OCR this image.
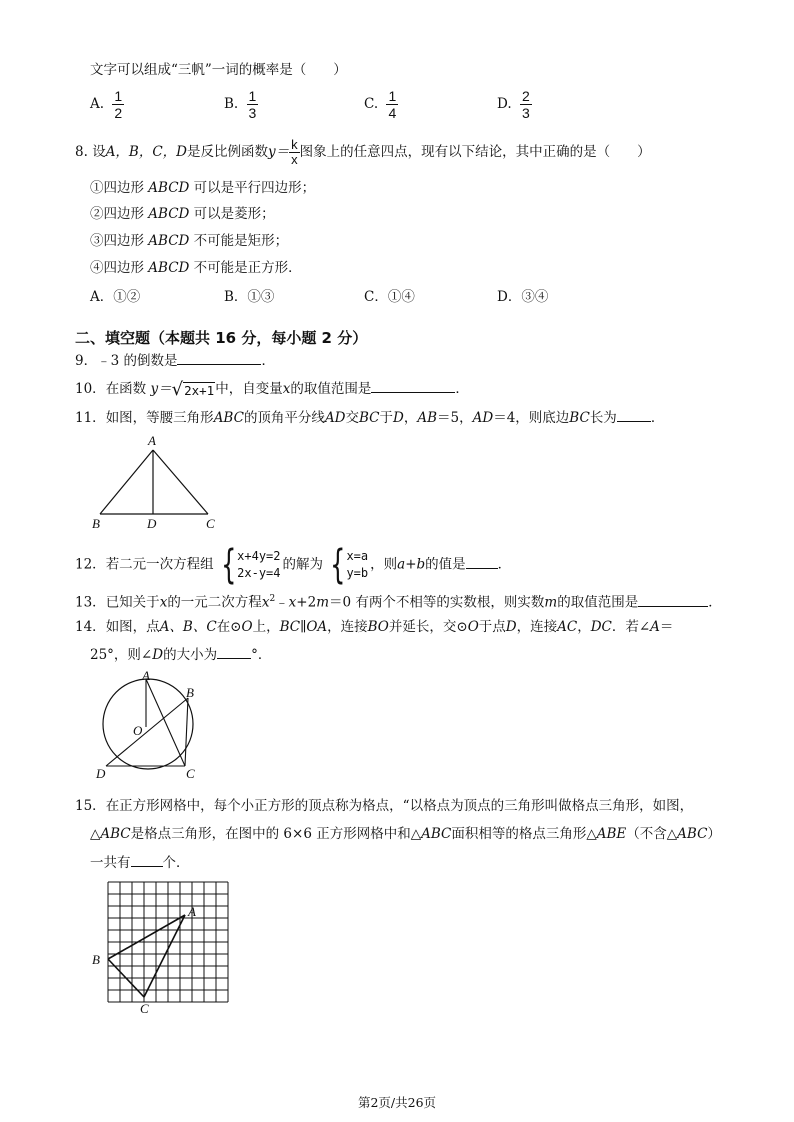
文字可以组成“三帆”一词的概率是（　　）
A. $\frac{1}{2}$	B. $\frac{1}{3}$	C. $\frac{1}{4}$	D. $\frac{2}{3}$
8. 设A，B，C，D是反比例函数$y= \frac{k}{x}$ 图象上的任意四点，现有以下结论，其中正确的是（　　）
①四边形 ABCD 可以是平行四边形；
②四边形 ABCD 可以是菱形；
③四边形 ABCD 不可能是矩形；
④四边形 ABCD 不可能是正方形．
A．①②	B．①③	C．①④	D．③④
二、填空题（本题共 16 分，每小题 2 分）
9．﹣3 的倒数是	．
10．在函数 y＝ √ 2x+1 中，自变量x的取值范围是	．
11．如图，等腰三角形ABC的顶角平分线AD交BC于D，AB＝5，AD＝4，则底边BC长为	．
A
B	D	C
12．若二元一次方程组 { x+4y=2
2x-y=4
的解为 { x=a
y=b
，则a+b的值是 ．
13．已知关于x的一元二次方程$x^2﹣x+2m=0$ 有两个不相等的实数根，则实数m的取值范围是	．
14．如图，点A、B、C在⊙O上，BC∥OA，连接BO并延长，交⊙O于点D，连接AC，DC．若∠A＝
25°，则∠D的大小为	°．
A
B
O
D	C
15．在正方形网格中，每个小正方形的顶点称为格点，“以格点为顶点的三角形叫做格点三角形，如图，
△ABC是格点三角形，在图中的 6×6 正方形网格中和△ABC面积相等的格点三角形△ABE（不含△ABC）
一共有 个．
A
B
C
第2页/共26页
